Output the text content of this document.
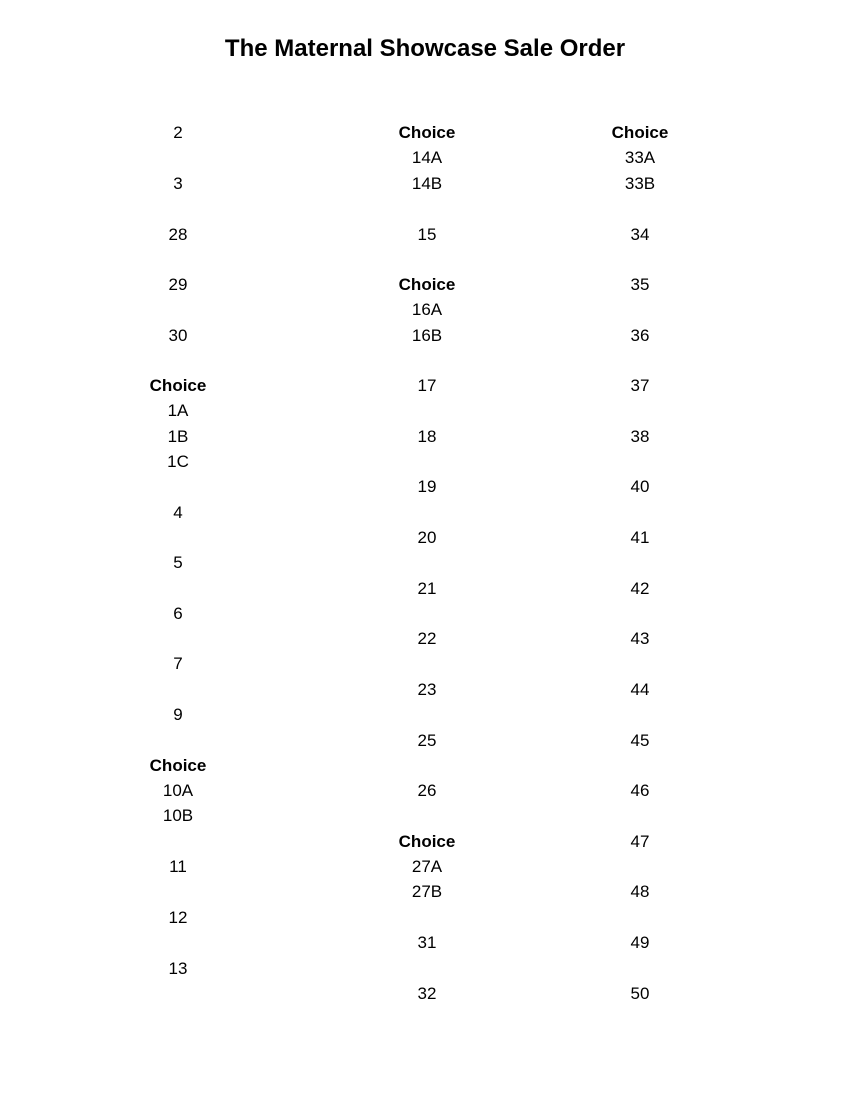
The Maternal Showcase Sale Order
2
3
28
29
30
Choice
1A
1B
1C
4
5
6
7
9
Choice
10A
10B
11
12
13
Choice
14A
14B
15
Choice
16A
16B
17
18
19
20
21
22
23
25
26
Choice
27A
27B
31
32
Choice
33A
33B
34
35
36
37
38
40
41
42
43
44
45
46
47
48
49
50
